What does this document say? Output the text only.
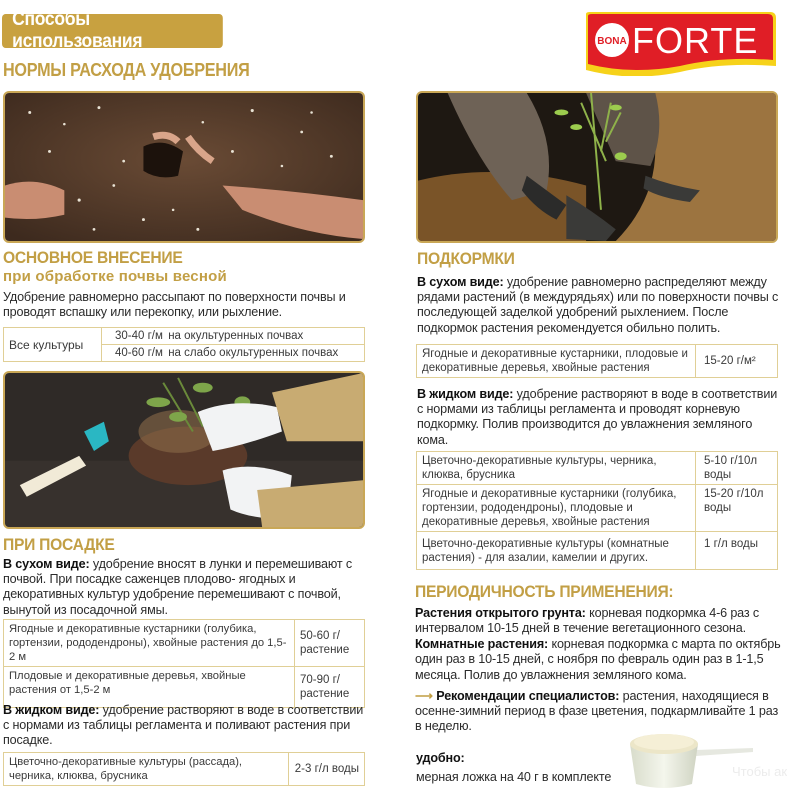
Способы использования
НОРМЫ РАСХОДА УДОБРЕНИЯ
BONA FORTE
ОСНОВНОЕ ВНЕСЕНИЕ
при обработке почвы весной
Удобрение равномерно рассыпают по поверхности почвы и проводят вспашку или перекопку, или рыхление.
Все культуры	30-40 г/м на окультуренных почвах
40-60 г/м на слабо окультуренных почвах
ПРИ ПОСАДКЕ
В сухом виде: удобрение вносят в лунки и перемешивают с почвой. При посадке саженцев плодово- ягодных и декоративных культур удобрение перемешивают с почвой, вынутой из посадочной ямы.
Ягодные и декоративные кустарники (голубика, гортензии, рододендроны), хвойные растения до 1,5-2 м	50-60 г/растение
Плодовые и декоративные деревья, хвойные растения от 1,5-2 м	70-90 г/растение
В жидком виде: удобрение растворяют в воде в соответствии с нормами из таблицы регламента и поливают растения при посадке.
Цветочно-декоративные культуры (рассада), черника, клюква, брусника	2-3 г/л воды
ПОДКОРМКИ
В сухом виде: удобрение равномерно распределяют между рядами растений (в междурядьях) или по поверхности почвы с последующей заделкой удобрений рыхлением. После подкормок растения рекомендуется обильно полить.
Ягодные и декоративные кустарники, плодовые и декоративные деревья, хвойные растения	15-20 г/м²
В жидком виде: удобрение растворяют в воде в соответствии с нормами из таблицы регламента и проводят корневую подкормку. Полив производится до увлажнения земляного кома.
Цветочно-декоративные культуры, черника, клюква, брусника	5-10 г/10л воды
Ягодные и декоративные кустарники (голубика, гортензии, рододендроны), плодовые и декоративные деревья, хвойные растения	15-20 г/10л воды
Цветочно-декоративные культуры (комнатные растения) - для азалии, камелии и других.	1 г/л воды
ПЕРИОДИЧНОСТЬ ПРИМЕНЕНИЯ:
Растения открытого грунта: корневая подкормка 4-6 раз с интервалом 10-15 дней в течение вегетационного сезона.
Комнатные растения: корневая подкормка с марта по октябрь один раз в 10-15 дней, с ноября по февраль один раз в 1-1,5 месяца. Полив до увлажнения земляного кома.
⟶ Рекомендации специалистов: растения, находящиеся в осенне-зимний период в фазе цветения, подкармливайте 1 раз в неделю.
удобно:
мерная ложка на 40 г в комплекте	Чтобы ак
